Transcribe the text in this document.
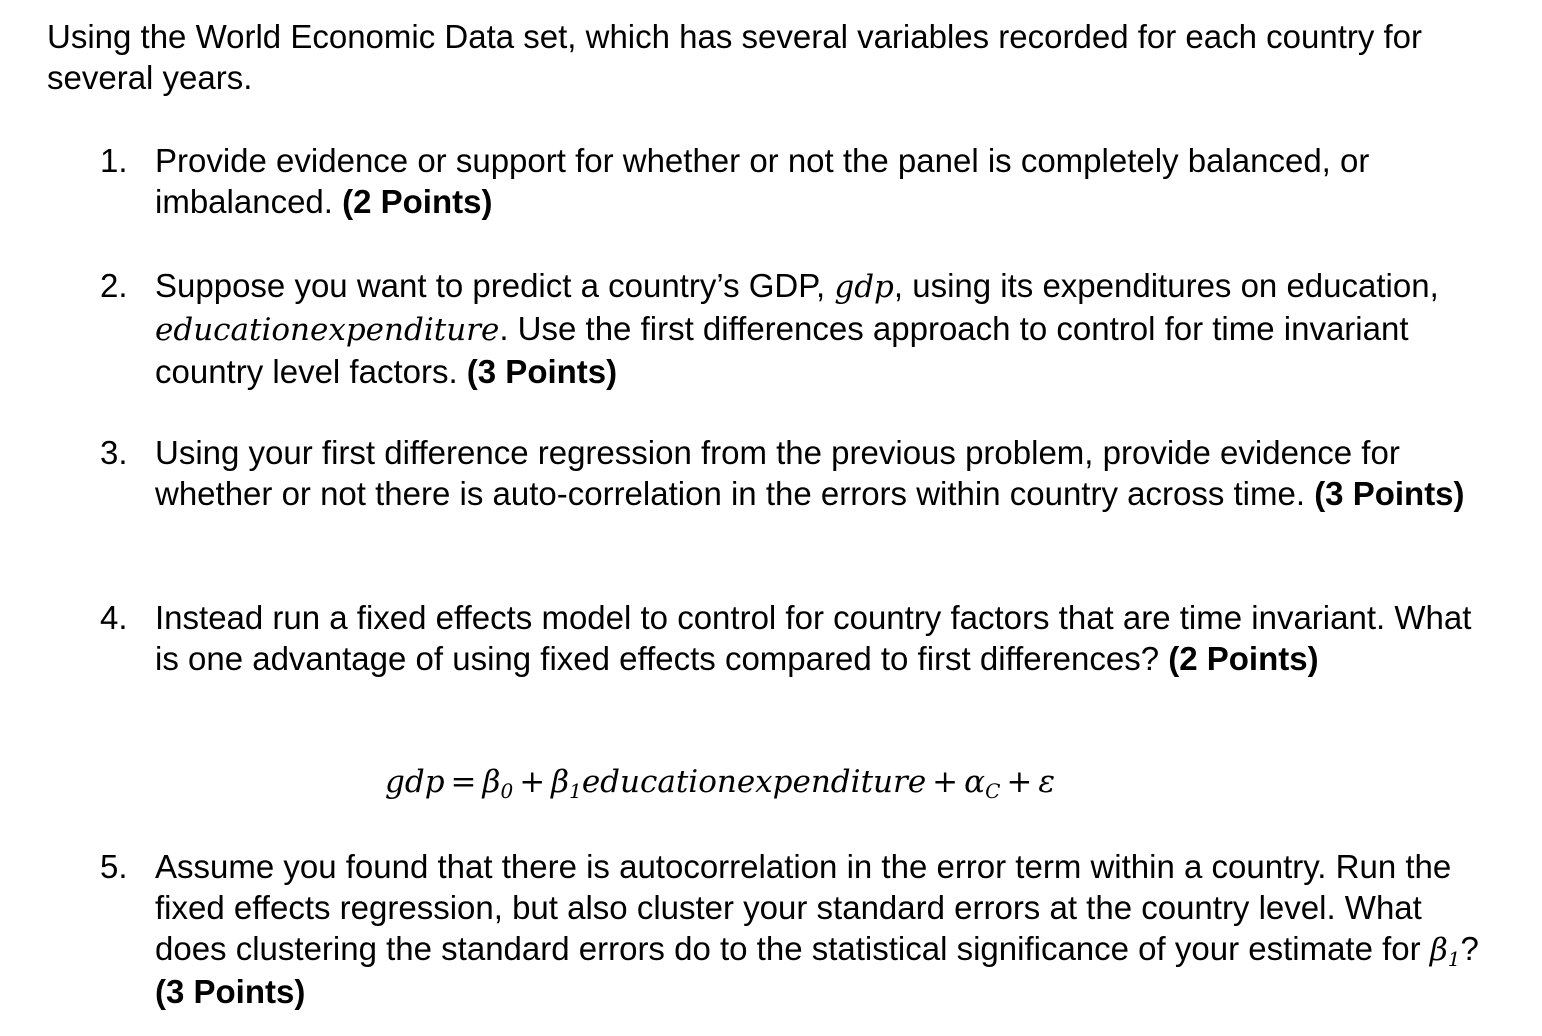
Using the World Economic Data set, which has several variables recorded for each country for several years.
1. Provide evidence or support for whether or not the panel is completely balanced, or imbalanced. (2 Points)
2. Suppose you want to predict a country’s GDP, gdp, using its expenditures on education, educationexpenditure. Use the first differences approach to control for time invariant country level factors. (3 Points)
3. Using your first difference regression from the previous problem, provide evidence for whether or not there is auto-correlation in the errors within country across time. (3 Points)
4. Instead run a fixed effects model to control for country factors that are time invariant. What is one advantage of using fixed effects compared to first differences? (2 Points)
gdp = $\beta_0$ + $\beta_1educationexpenditure + \alpha_C + \varepsilon$
5. Assume you found that there is autocorrelation in the error term within a country. Run the fixed effects regression, but also cluster your standard errors at the country level. What does clustering the standard errors do to the statistical significance of your estimate for $\beta_1$? (3 Points)
